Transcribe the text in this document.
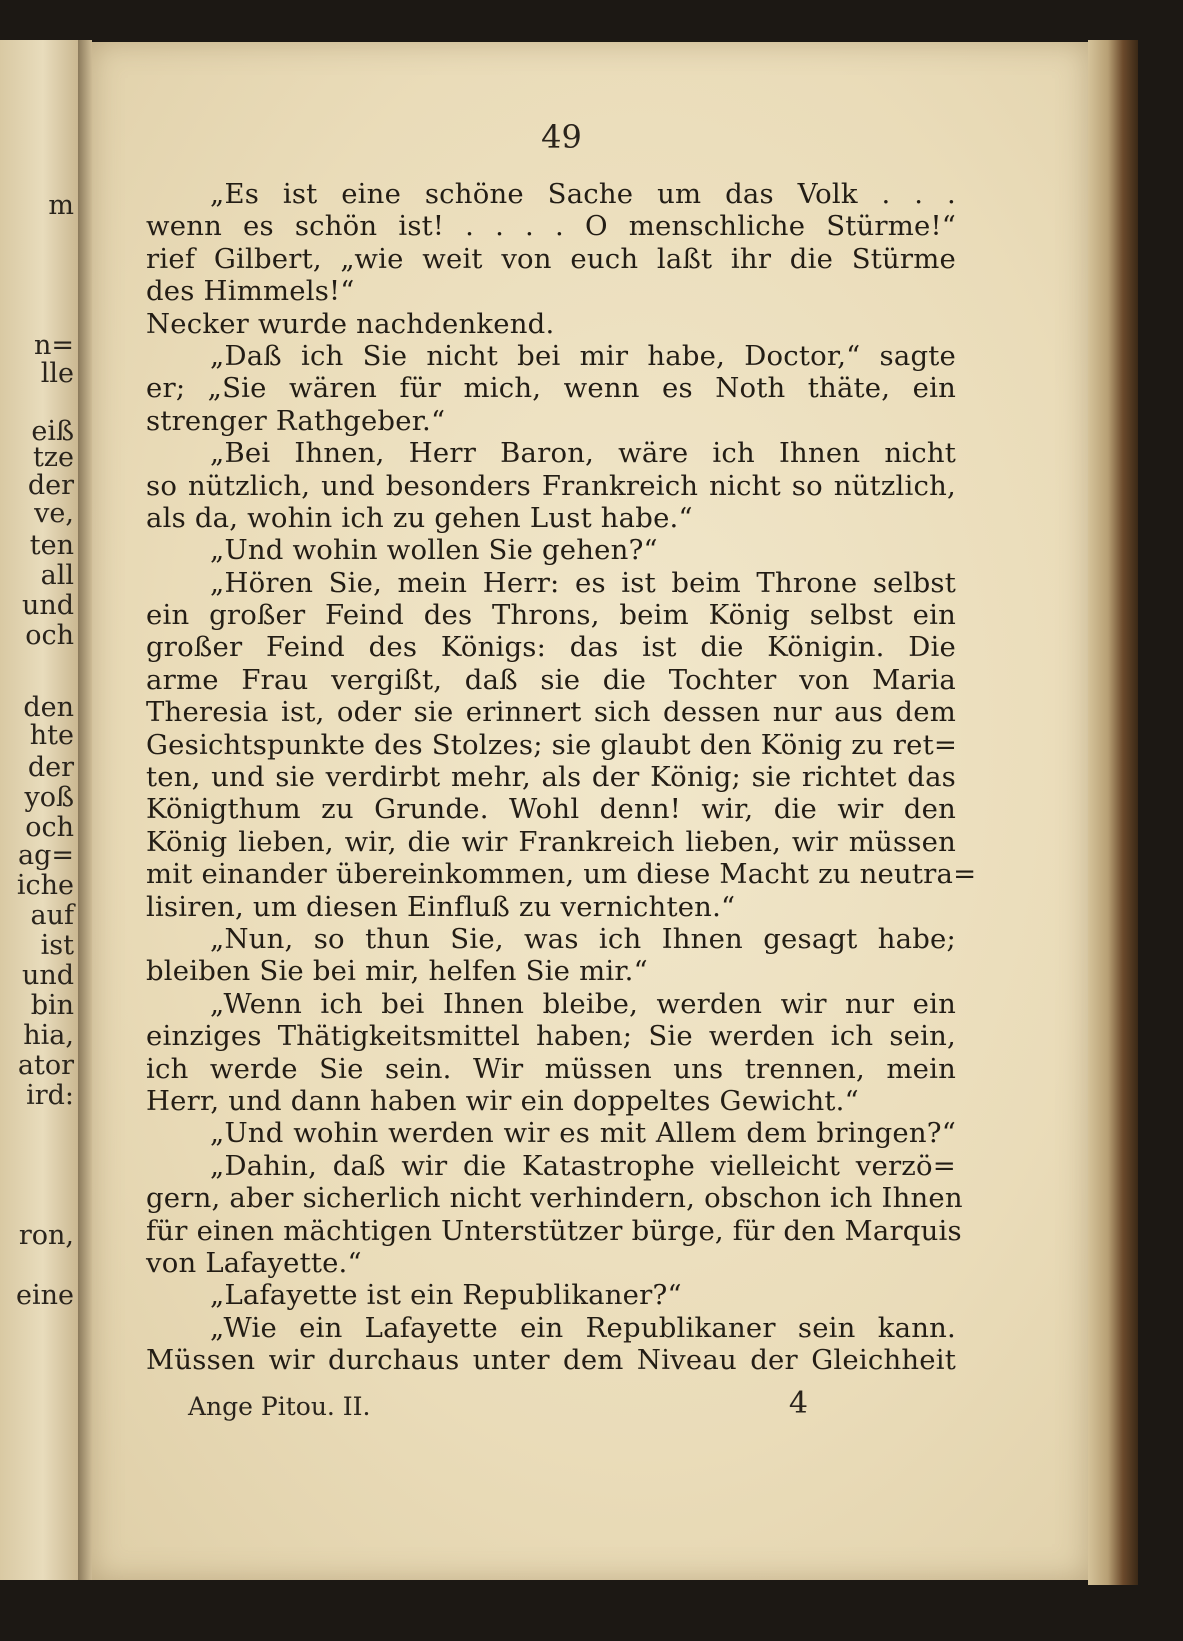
m
n=
lle
eiß
tze
der
ve,
ten
all
und
och
den
hte
der
yoß
och
ag=
iche
auf
ist
und
bin
hia,
ator
ird:
ron,
eine
49
„Es ist eine schöne Sache um das Volk . . .
wenn es schön ist! . . . . O menschliche Stürme!“
rief Gilbert, „wie weit von euch laßt ihr die Stürme
des Himmels!“
Necker wurde nachdenkend.
„Daß ich Sie nicht bei mir habe, Doctor,“ sagte
er; „Sie wären für mich, wenn es Noth thäte, ein
strenger Rathgeber.“
„Bei Ihnen, Herr Baron, wäre ich Ihnen nicht
so nützlich, und besonders Frankreich nicht so nützlich,
als da, wohin ich zu gehen Lust habe.“
„Und wohin wollen Sie gehen?“
„Hören Sie, mein Herr: es ist beim Throne selbst
ein großer Feind des Throns, beim König selbst ein
großer Feind des Königs: das ist die Königin. Die
arme Frau vergißt, daß sie die Tochter von Maria
Theresia ist, oder sie erinnert sich dessen nur aus dem
Gesichtspunkte des Stolzes; sie glaubt den König zu ret=
ten, und sie verdirbt mehr, als der König; sie richtet das
Königthum zu Grunde. Wohl denn! wir, die wir den
König lieben, wir, die wir Frankreich lieben, wir müssen
mit einander übereinkommen, um diese Macht zu neutra=
lisiren, um diesen Einfluß zu vernichten.“
„Nun, so thun Sie, was ich Ihnen gesagt habe;
bleiben Sie bei mir, helfen Sie mir.“
„Wenn ich bei Ihnen bleibe, werden wir nur ein
einziges Thätigkeitsmittel haben; Sie werden ich sein,
ich werde Sie sein. Wir müssen uns trennen, mein
Herr, und dann haben wir ein doppeltes Gewicht.“
„Und wohin werden wir es mit Allem dem bringen?“
„Dahin, daß wir die Katastrophe vielleicht verzö=
gern, aber sicherlich nicht verhindern, obschon ich Ihnen
für einen mächtigen Unterstützer bürge, für den Marquis
von Lafayette.“
„Lafayette ist ein Republikaner?“
„Wie ein Lafayette ein Republikaner sein kann.
Müssen wir durchaus unter dem Niveau der Gleichheit
Ange Pitou. II.	4
